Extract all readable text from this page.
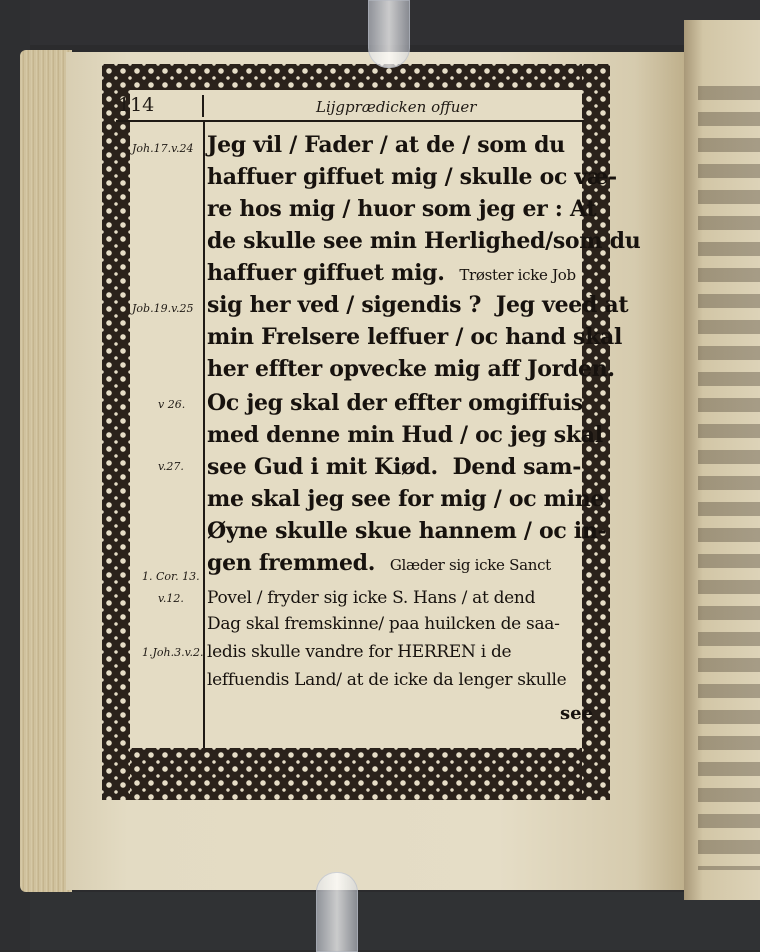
114	Lijgprædicken offuer
Joh.17.v.24
Job.19.v.25
v 26.
v.27.
1. Cor. 13.
v.12.
1.Joh.3.v.2.
Jeg vil / Fader / at de / som du
haffuer giffuet mig / skulle oc væ-
re hos mig / huor som jeg er : At
de skulle see min Herlighed/som du
haffuer giffuet mig. Trøster icke Job
sig her ved / sigendis ? Jeg veed at
min Frelsere leffuer / oc hand skal
her effter opvecke mig aff Jorden.
Oc jeg skal der effter omgiffuis
med denne min Hud / oc jeg skal
see Gud i mit Kiød. Dend sam-
me skal jeg see for mig / oc mine
Øyne skulle skue hannem / oc in-
gen fremmed. Glæder sig icke Sanct
Povel / fryder sig icke S. Hans / at dend
Dag skal fremskinne/ paa huilcken de saa-
ledis skulle vandre for HERREN i de
leffuendis Land/ at de icke da lenger skulle
see
